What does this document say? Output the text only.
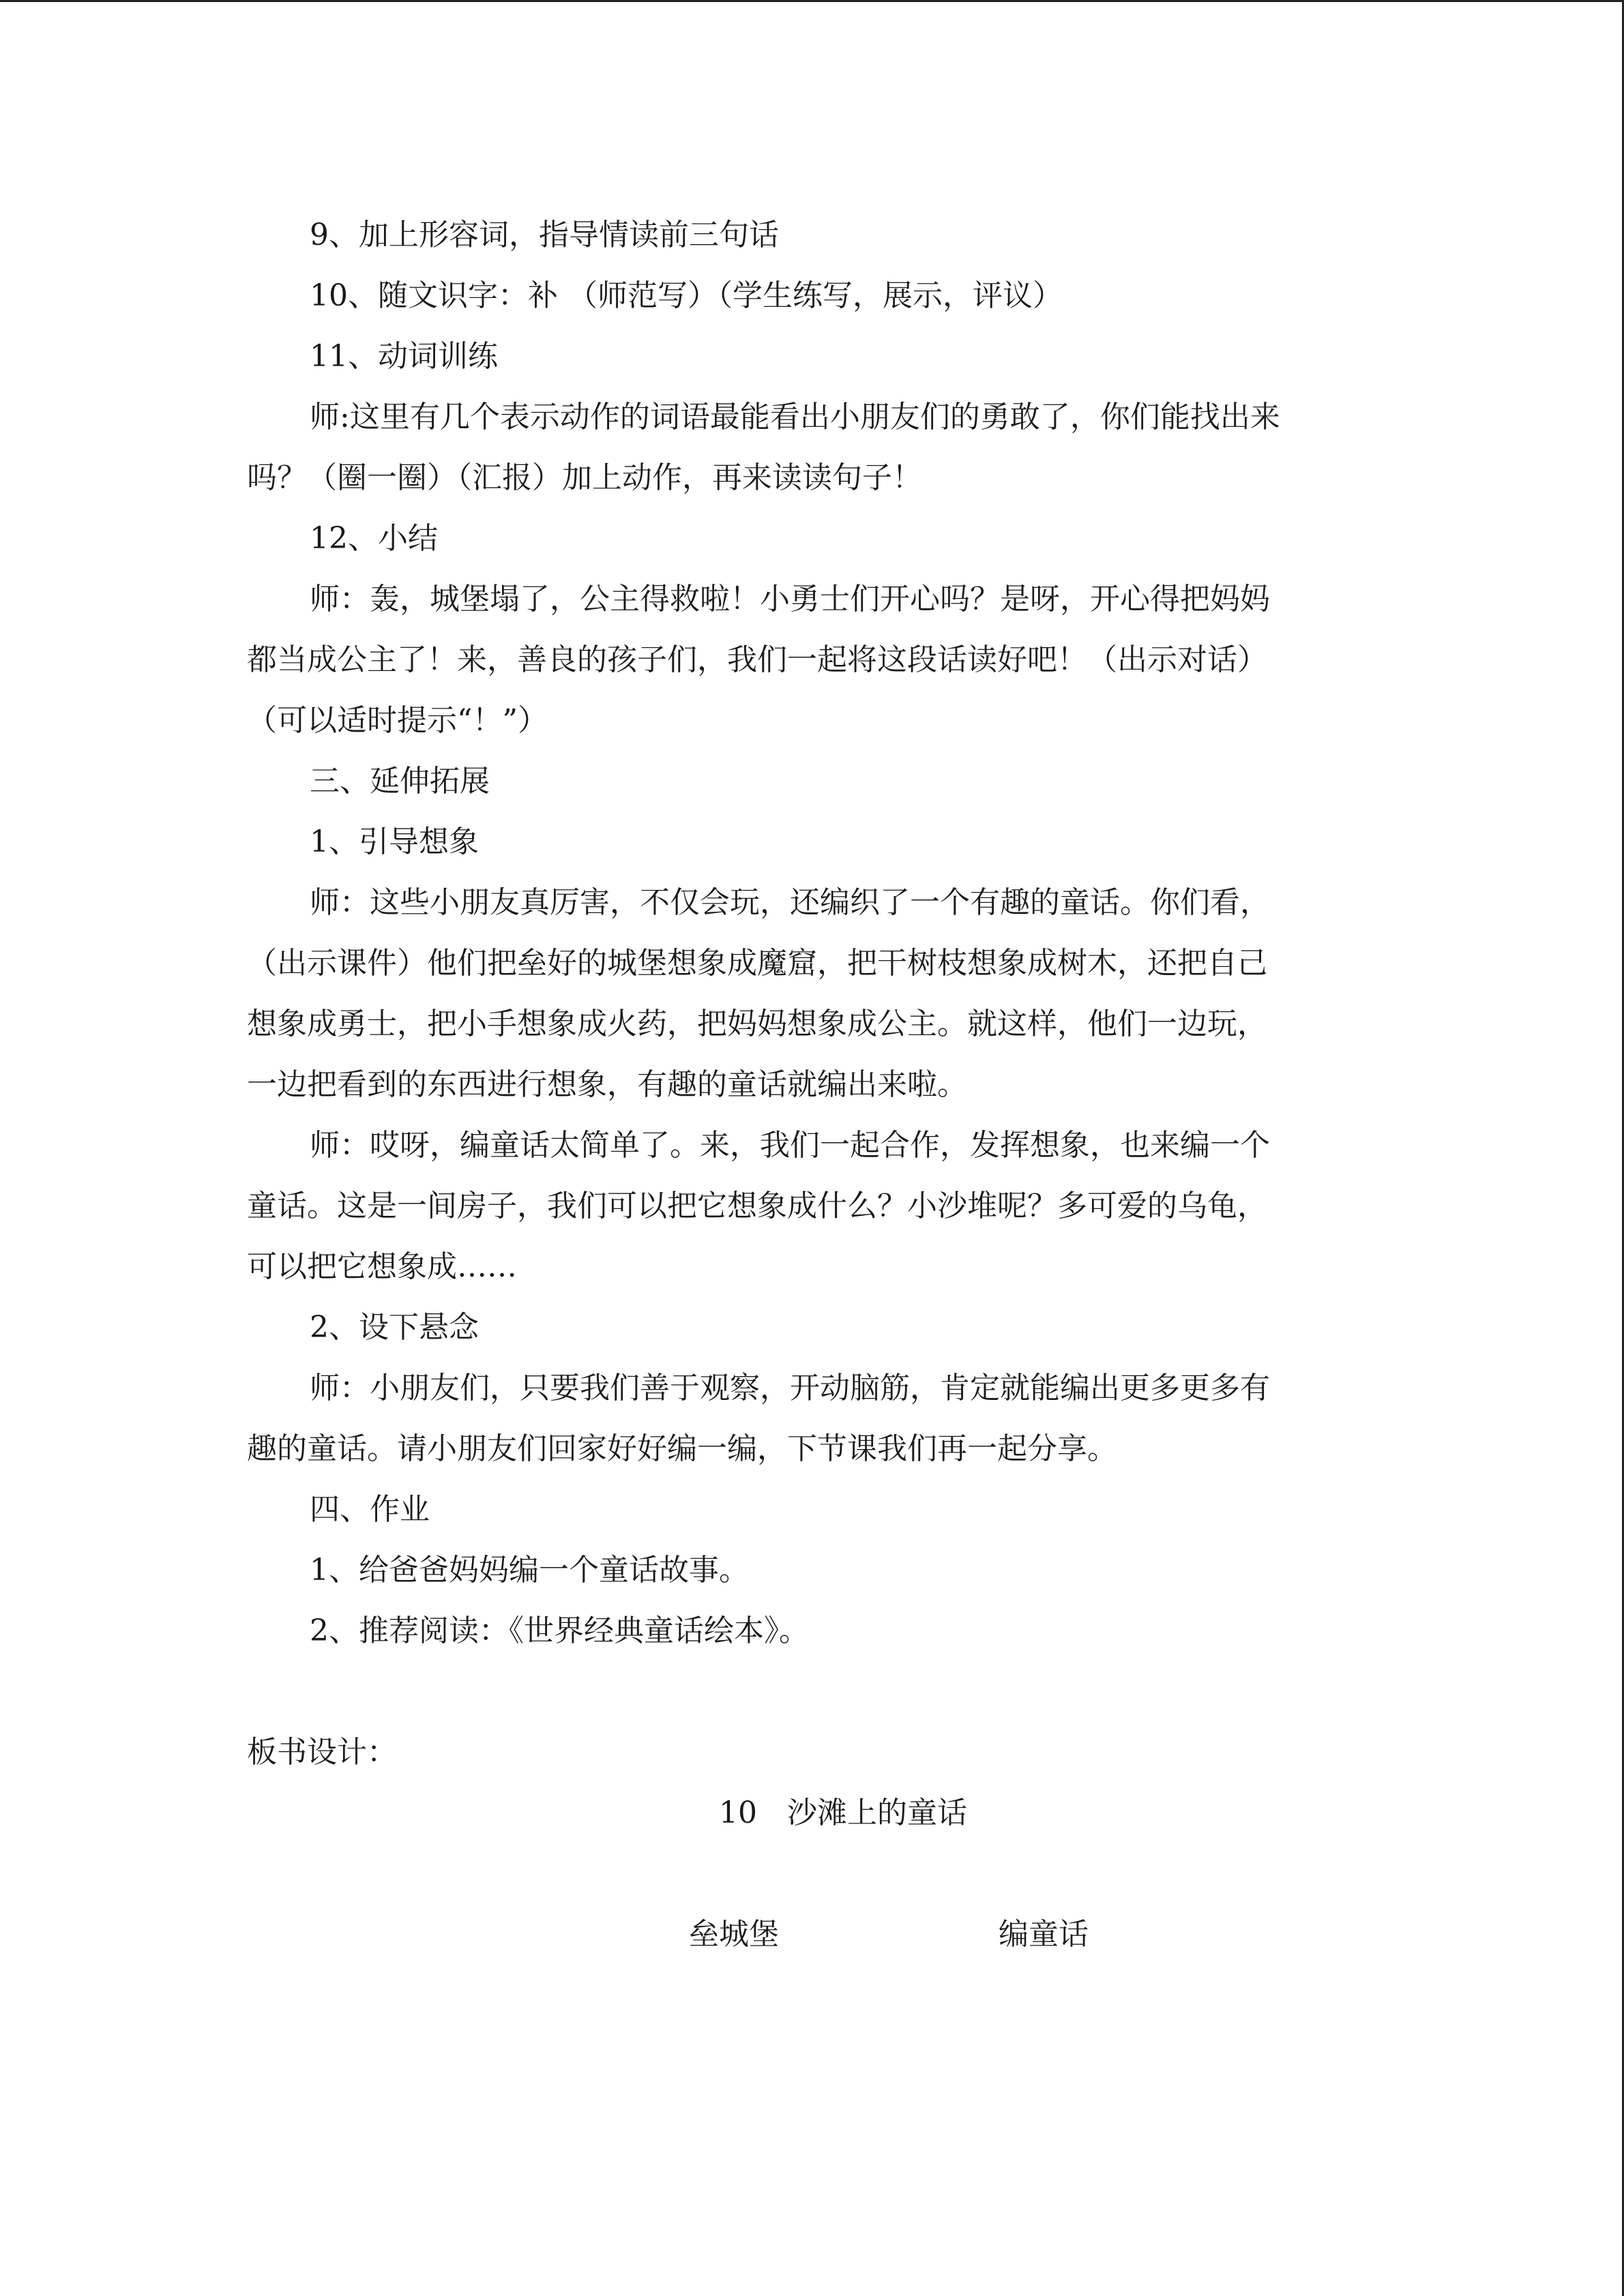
9、加上形容词，指导情读前三句话

10、随文识字：补 （师范写）（学生练写，展示，评议）

11、动词训练

师:这里有几个表示动作的词语最能看出小朋友们的勇敢了，你们能找出来

吗？（圈一圈）（汇报）加上动作，再来读读句子！

12、小结

师：轰，城堡塌了，公主得救啦！小勇士们开心吗？是呀，开心得把妈妈

都当成公主了！来，善良的孩子们，我们一起将这段话读好吧！（出示对话）

（可以适时提示“！”）

三、延伸拓展

1、引导想象

师：这些小朋友真厉害，不仅会玩，还编织了一个有趣的童话。你们看，

（出示课件）他们把垒好的城堡想象成魔窟，把干树枝想象成树木，还把自己

想象成勇士，把小手想象成火药，把妈妈想象成公主。就这样，他们一边玩，

一边把看到的东西进行想象，有趣的童话就编出来啦。

师：哎呀，编童话太简单了。来，我们一起合作，发挥想象，也来编一个

童话。这是一间房子，我们可以把它想象成什么？小沙堆呢？多可爱的乌龟，

可以把它想象成……

2、设下悬念

师：小朋友们，只要我们善于观察，开动脑筋，肯定就能编出更多更多有

趣的童话。请小朋友们回家好好编一编，下节课我们再一起分享。

四、作业

1、给爸爸妈妈编一个童话故事。

2、推荐阅读：《世界经典童话绘本》。

板书设计：
10　沙滩上的童话
垒城堡	编童话
